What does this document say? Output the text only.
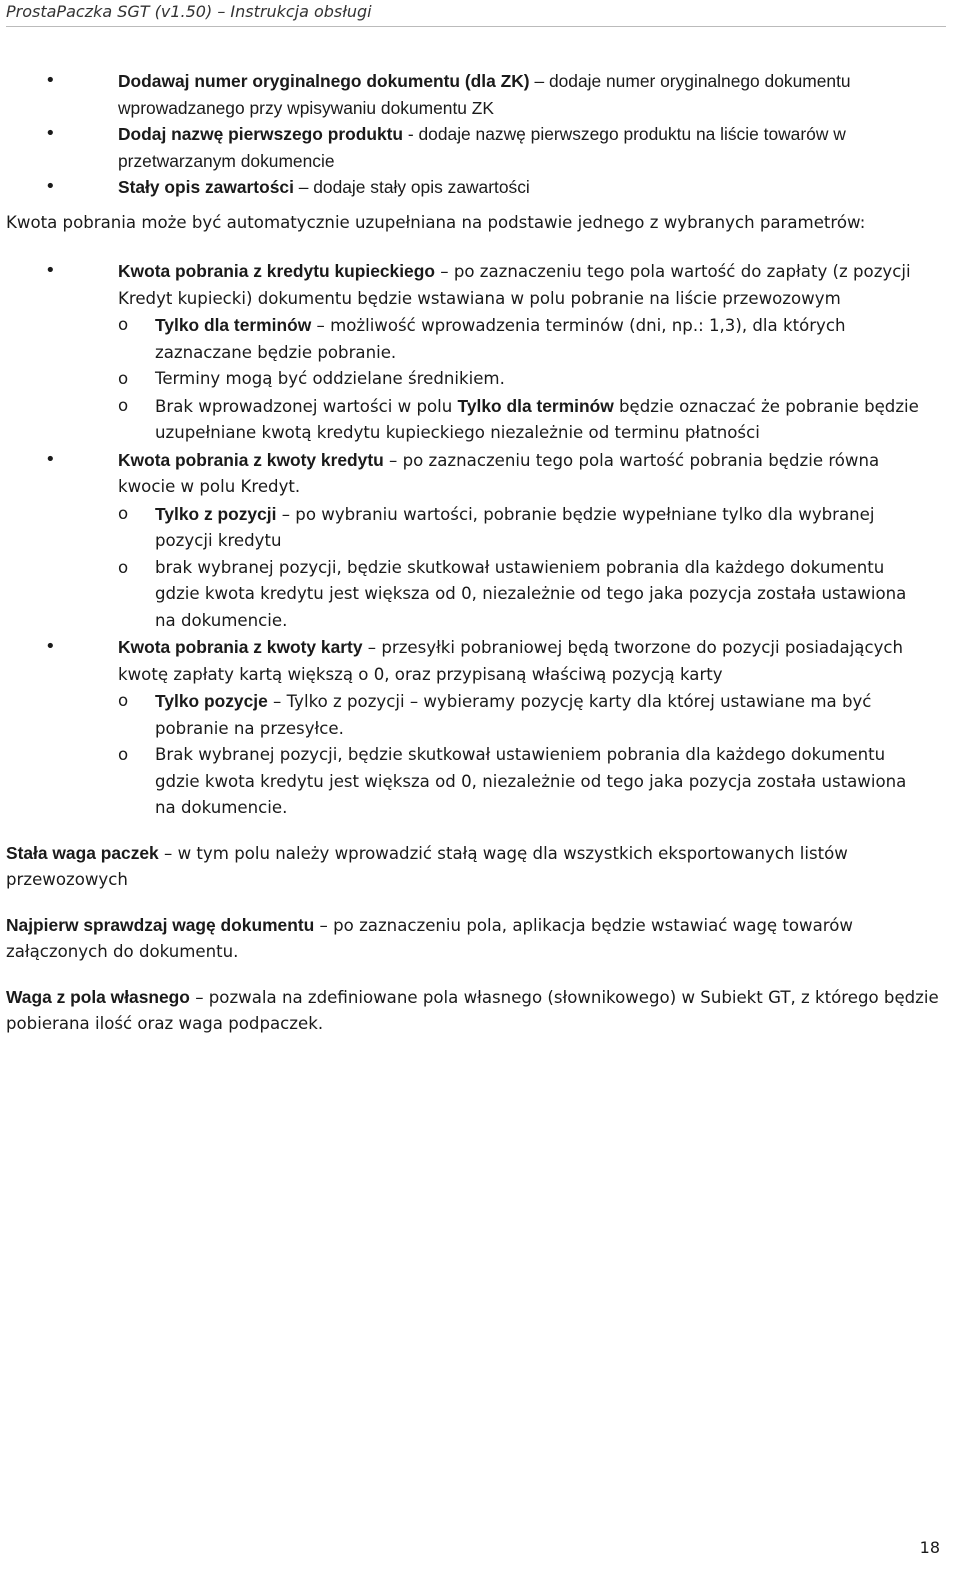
ProstaPaczka SGT (v1.50) – Instrukcja obsługi
• Dodawaj numer oryginalnego dokumentu (dla ZK) – dodaje numer oryginalnego dokumentu wprowadzanego przy wpisywaniu dokumentu ZK
• Dodaj nazwę pierwszego produktu - dodaje nazwę pierwszego produktu na liście towarów w przetwarzanym dokumencie
• Stały opis zawartości – dodaje stały opis zawartości

Kwota pobrania może być automatycznie uzupełniana na podstawie jednego z wybranych parametrów:

• Kwota pobrania z kredytu kupieckiego – po zaznaczeniu tego pola wartość do zapłaty (z pozycji Kredyt kupiecki) dokumentu będzie wstawiana w polu pobranie na liście przewozowym
o Tylko dla terminów – możliwość wprowadzenia terminów (dni, np.: 1,3), dla których zaznaczane będzie pobranie.
o Terminy mogą być oddzielane średnikiem.
o Brak wprowadzonej wartości w polu Tylko dla terminów będzie oznaczać że pobranie będzie uzupełniane kwotą kredytu kupieckiego niezależnie od terminu płatności
• Kwota pobrania z kwoty kredytu – po zaznaczeniu tego pola wartość pobrania będzie równa kwocie w polu Kredyt.
o Tylko z pozycji – po wybraniu wartości, pobranie będzie wypełniane tylko dla wybranej pozycji kredytu
o brak wybranej pozycji, będzie skutkował ustawieniem pobrania dla każdego dokumentu gdzie kwota kredytu jest większa od 0, niezależnie od tego jaka pozycja została ustawiona na dokumencie.
• Kwota pobrania z kwoty karty – przesyłki pobraniowej będą tworzone do pozycji posiadających kwotę zapłaty kartą większą o 0, oraz przypisaną właściwą pozycją karty
o Tylko pozycje – Tylko z pozycji – wybieramy pozycję karty dla której ustawiane ma być pobranie na przesyłce.
o Brak wybranej pozycji, będzie skutkował ustawieniem pobrania dla każdego dokumentu gdzie kwota kredytu jest większa od 0, niezależnie od tego jaka pozycja została ustawiona na dokumencie.

Stała waga paczek – w tym polu należy wprowadzić stałą wagę dla wszystkich eksportowanych listów przewozowych

Najpierw sprawdzaj wagę dokumentu – po zaznaczeniu pola, aplikacja będzie wstawiać wagę towarów załączonych do dokumentu.

Waga z pola własnego – pozwala na zdefiniowane pola własnego (słownikowego) w Subiekt GT, z którego będzie pobierana ilość oraz waga podpaczek.

18
